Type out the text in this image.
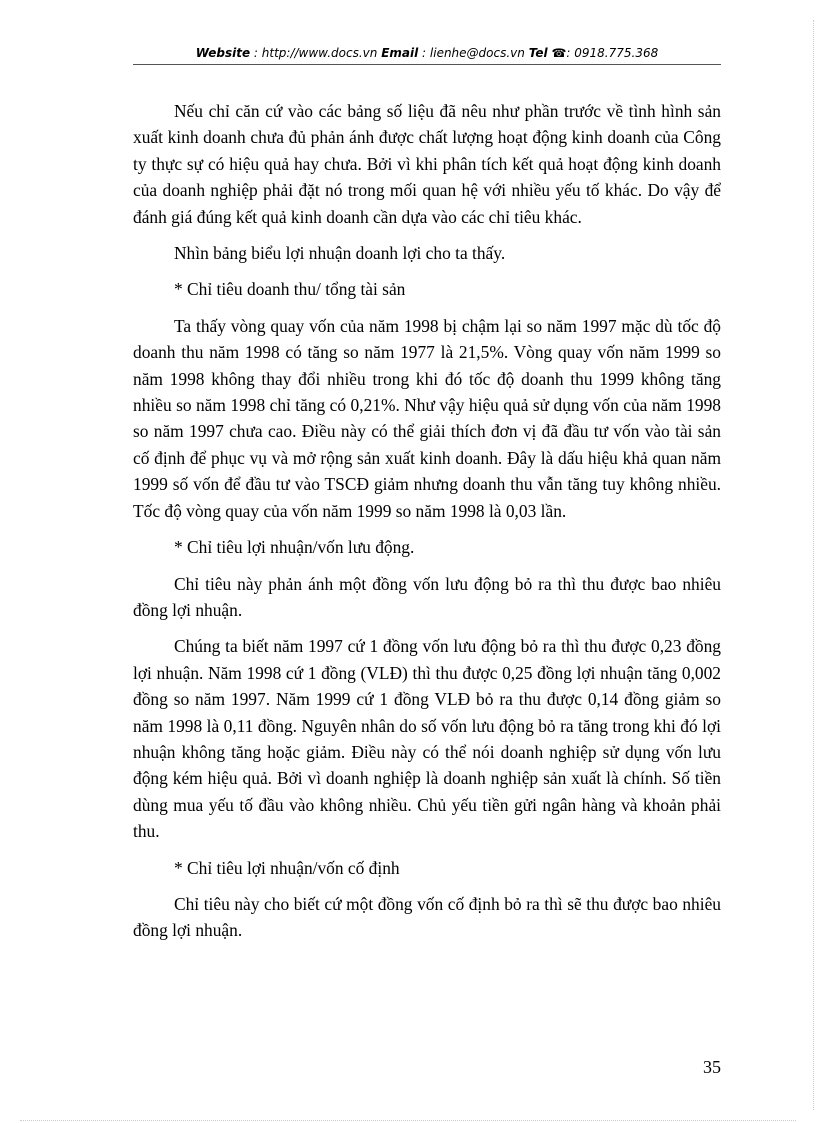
Website : http://www.docs.vn Email : lienhe@docs.vn Tel ☎: 0918.775.368

Nếu chỉ căn cứ vào các bảng số liệu đã nêu như phần trước về tình hình sản xuất kinh doanh chưa đủ phản ánh được chất lượng hoạt động kinh doanh của Công ty thực sự có hiệu quả hay chưa. Bởi vì khi phân tích kết quả hoạt động kinh doanh của doanh nghiệp phải đặt nó trong mối quan hệ với nhiều yếu tố khác. Do vậy để đánh giá đúng kết quả kinh doanh cần dựa vào các chỉ tiêu khác.

Nhìn bảng biểu lợi nhuận doanh lợi cho ta thấy.

* Chỉ tiêu doanh thu/ tổng tài sản

Ta thấy vòng quay vốn của năm 1998 bị chậm lại so năm 1997 mặc dù tốc độ doanh thu năm 1998 có tăng so năm 1977 là 21,5%. Vòng quay vốn năm 1999 so năm 1998 không thay đổi nhiều trong khi đó tốc độ doanh thu 1999 không tăng nhiều so năm 1998 chỉ tăng có 0,21%. Như vậy hiệu quả sử dụng vốn của năm 1998 so năm 1997 chưa cao. Điều này có thể giải thích đơn vị đã đầu tư vốn vào tài sản cố định để phục vụ và mở rộng sản xuất kinh doanh. Đây là dấu hiệu khả quan năm 1999 số vốn để đầu tư vào TSCĐ giảm nhưng doanh thu vẫn tăng tuy không nhiều. Tốc độ vòng quay của vốn năm 1999 so năm 1998 là 0,03 lần.

* Chỉ tiêu lợi nhuận/vốn lưu động.

Chỉ tiêu này phản ánh một đồng vốn lưu động bỏ ra thì thu được bao nhiêu đồng lợi nhuận.

Chúng ta biết năm 1997 cứ 1 đồng vốn lưu động bỏ ra thì thu được 0,23 đồng lợi nhuận. Năm 1998 cứ 1 đồng (VLĐ) thì thu được 0,25 đồng lợi nhuận tăng 0,002 đồng so năm 1997. Năm 1999 cứ 1 đồng VLĐ bỏ ra thu được 0,14 đồng giảm so năm 1998 là 0,11 đồng. Nguyên nhân do số vốn lưu động bỏ ra tăng trong khi đó lợi nhuận không tăng hoặc giảm. Điều này có thể nói doanh nghiệp sử dụng vốn lưu động kém hiệu quả. Bởi vì doanh nghiệp là doanh nghiệp sản xuất là chính. Số tiền dùng mua yếu tố đầu vào không nhiều. Chủ yếu tiền gửi ngân hàng và khoản phải thu.

* Chỉ tiêu lợi nhuận/vốn cố định

Chỉ tiêu này cho biết cứ một đồng vốn cố định bỏ ra thì sẽ thu được bao nhiêu đồng lợi nhuận.

35
